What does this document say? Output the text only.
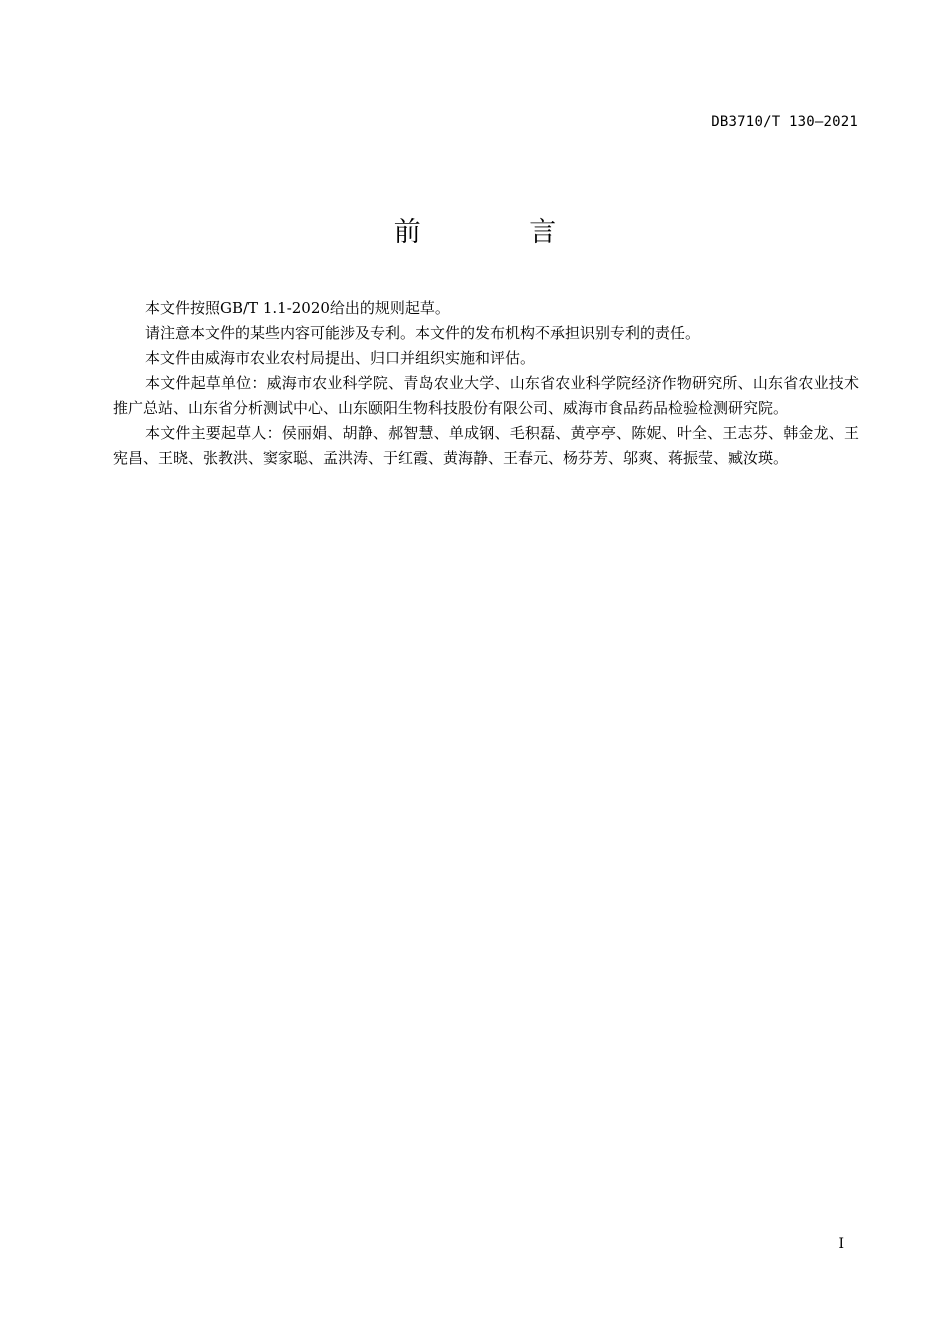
DB3710/T 130—2021
前 言

本文件按照GB/T 1.1-2020给出的规则起草。

请注意本文件的某些内容可能涉及专利。本文件的发布机构不承担识别专利的责任。

本文件由威海市农业农村局提出、归口并组织实施和评估。

本文件起草单位：威海市农业科学院、青岛农业大学、山东省农业科学院经济作物研究所、山东省农业技术推广总站、山东省分析测试中心、山东颐阳生物科技股份有限公司、威海市食品药品检验检测研究院。

本文件主要起草人：侯丽娟、胡静、郝智慧、单成钢、毛积磊、黄亭亭、陈妮、叶全、王志芬、韩金龙、王宪昌、王晓、张教洪、窦家聪、孟洪涛、于红霞、黄海静、王春元、杨芬芳、邬爽、蒋振莹、臧汝瑛。

I
